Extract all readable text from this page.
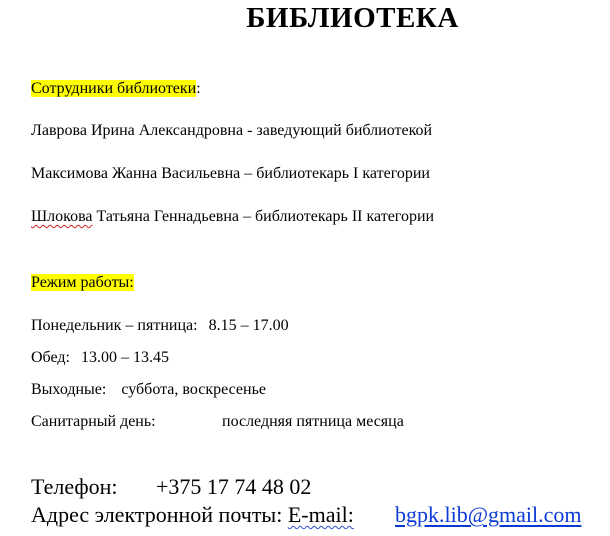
БИБЛИОТЕКА
Сотрудники библиотеки:
Лаврова Ирина Александровна - заведующий библиотекой
Максимова Жанна Васильевна – библиотекарь I категории
Шлокова Татьяна Геннадьевна – библиотекарь II категории
Режим работы:
Понедельник – пятница: 8.15 – 17.00
Обед: 13.00 – 13.45
Выходные: суббота, воскресенье
Санитарный день:	последняя пятница месяца
Телефон: +375 17 74 48 02
Адрес электронной почты: E-mail: bgpk.lib@gmail.com
